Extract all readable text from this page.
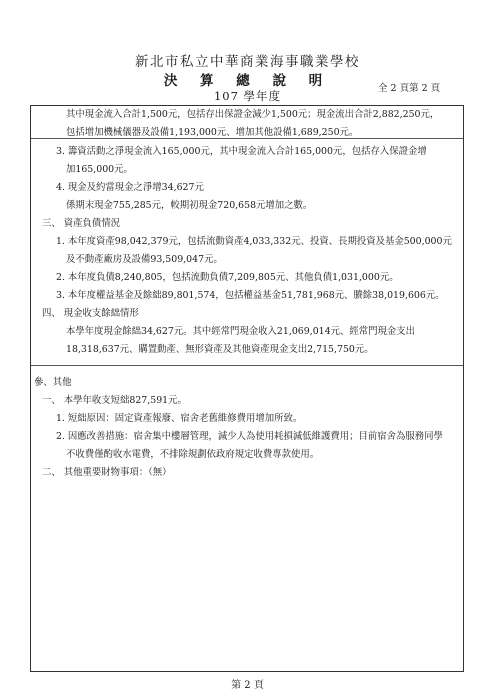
新北市私立中華商業海事職業學校
決 算 總 說 明	全 2 頁第 2 頁
107 學年度
其中現金流入合計1,500元，包括存出保證金減少1,500元；現金流出合計2,882,250元，
包括增加機械儀器及設備1,193,000元、增加其他設備1,689,250元。
3. 籌資活動之淨現金流入165,000元，其中現金流入合計165,000元，包括存入保證金增
加165,000元。
4. 現金及約當現金之淨增34,627元
係期末現金755,285元，較期初現金720,658元增加之數。
三、 資產負債情況
1. 本年度資產98,042,379元，包括流動資產4,033,332元、投資、長期投資及基金500,000元
及不動產廠房及設備93,509,047元。
2. 本年度負債8,240,805，包括流動負債7,209,805元、其他負債1,031,000元。
3. 本年度權益基金及餘絀89,801,574，包括權益基金51,781,968元、賸餘38,019,606元。
四、 現金收支餘絀情形
本學年度現金餘絀34,627元。其中經常門現金收入21,069,014元、經常門現金支出
18,318,637元、購置動產、無形資產及其他資產現金支出2,715,750元。
參、其他
一、 本學年收支短絀827,591元。
1. 短絀原因：固定資產報廢、宿舍老舊維修費用增加所致。
2. 因應改善措施：宿舍集中樓層管理，減少人為使用耗損減低維護費用；目前宿舍為服務同學
不收費僅酌收水電費，不排除規劃依政府規定收費專款使用。
二、 其他重要財物事項：（無）
第 2 頁
